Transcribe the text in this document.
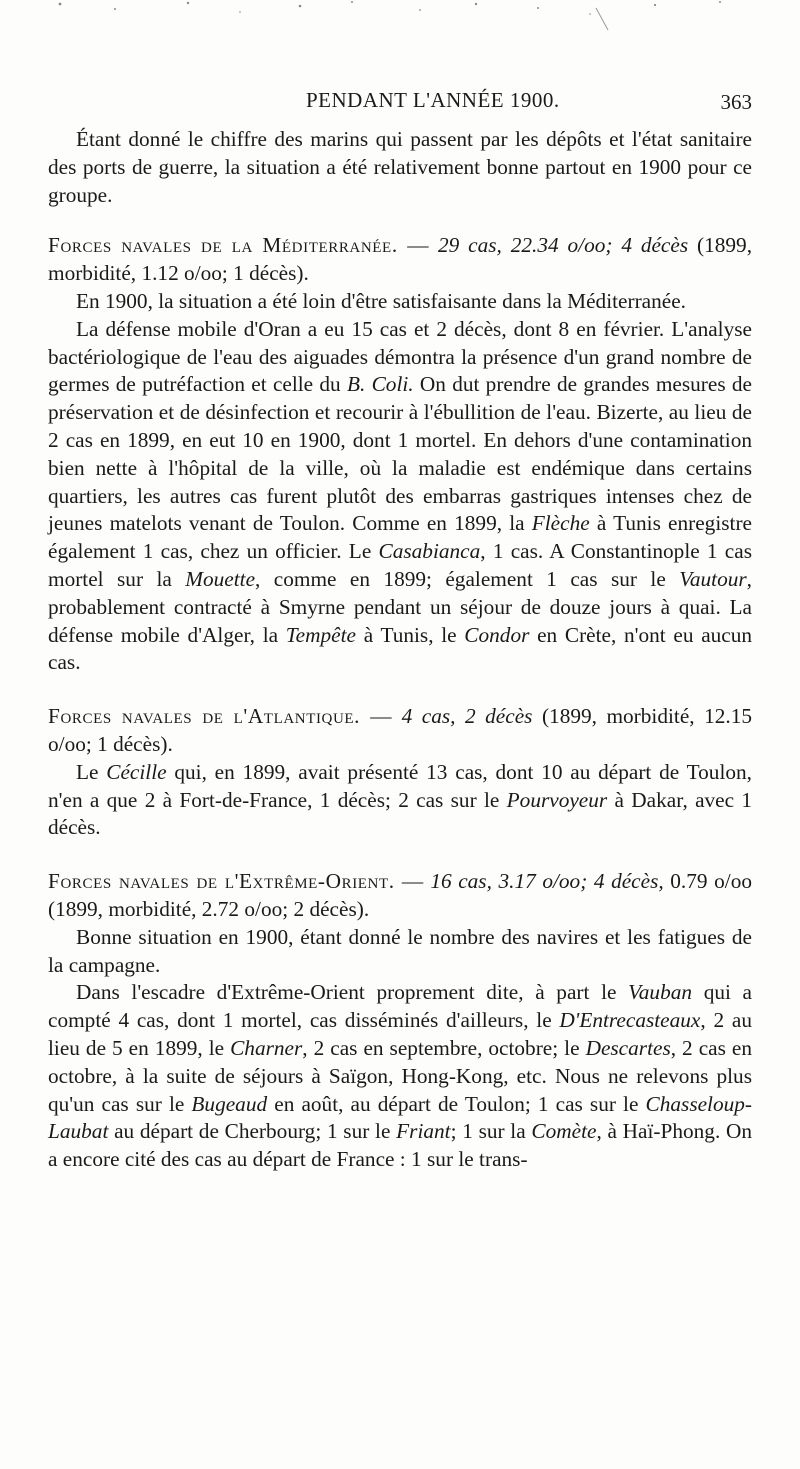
PENDANT L'ANNÉE 1900.	363

Étant donné le chiffre des marins qui passent par les dépôts et l'état sanitaire des ports de guerre, la situation a été relativement bonne partout en 1900 pour ce groupe.

Forces navales de la Méditerranée. — 29 cas, 22.34 o/oo; 4 décès (1899, morbidité, 1.12 o/oo; 1 décès).

En 1900, la situation a été loin d'être satisfaisante dans la Méditerranée.

La défense mobile d'Oran a eu 15 cas et 2 décès, dont 8 en février. L'analyse bactériologique de l'eau des aiguades démontra la présence d'un grand nombre de germes de putréfaction et celle du B. Coli. On dut prendre de grandes mesures de préservation et de désinfection et recourir à l'ébullition de l'eau. Bizerte, au lieu de 2 cas en 1899, en eut 10 en 1900, dont 1 mortel. En dehors d'une contamination bien nette à l'hôpital de la ville, où la maladie est endémique dans certains quartiers, les autres cas furent plutôt des embarras gastriques intenses chez de jeunes matelots venant de Toulon. Comme en 1899, la Flèche à Tunis enregistre également 1 cas, chez un officier. Le Casabianca, 1 cas. A Constantinople 1 cas mortel sur la Mouette, comme en 1899; également 1 cas sur le Vautour, probablement contracté à Smyrne pendant un séjour de douze jours à quai. La défense mobile d'Alger, la Tempête à Tunis, le Condor en Crète, n'ont eu aucun cas.

Forces navales de l'Atlantique. — 4 cas, 2 décès (1899, morbidité, 12.15 o/oo; 1 décès).

Le Cécille qui, en 1899, avait présenté 13 cas, dont 10 au départ de Toulon, n'en a que 2 à Fort-de-France, 1 décès; 2 cas sur le Pourvoyeur à Dakar, avec 1 décès.

Forces navales de l'Extrême-Orient. — 16 cas, 3.17 o/oo; 4 décès, 0.79 o/oo (1899, morbidité, 2.72 o/oo; 2 décès).

Bonne situation en 1900, étant donné le nombre des navires et les fatigues de la campagne.

Dans l'escadre d'Extrême-Orient proprement dite, à part le Vauban qui a compté 4 cas, dont 1 mortel, cas disséminés d'ailleurs, le D'Entrecasteaux, 2 au lieu de 5 en 1899, le Charner, 2 cas en septembre, octobre; le Descartes, 2 cas en octobre, à la suite de séjours à Saïgon, Hong-Kong, etc. Nous ne relevons plus qu'un cas sur le Bugeaud en août, au départ de Toulon; 1 cas sur le Chasseloup-Laubat au départ de Cherbourg; 1 sur le Friant; 1 sur la Comète, à Haï-Phong. On a encore cité des cas au départ de France : 1 sur le trans-
